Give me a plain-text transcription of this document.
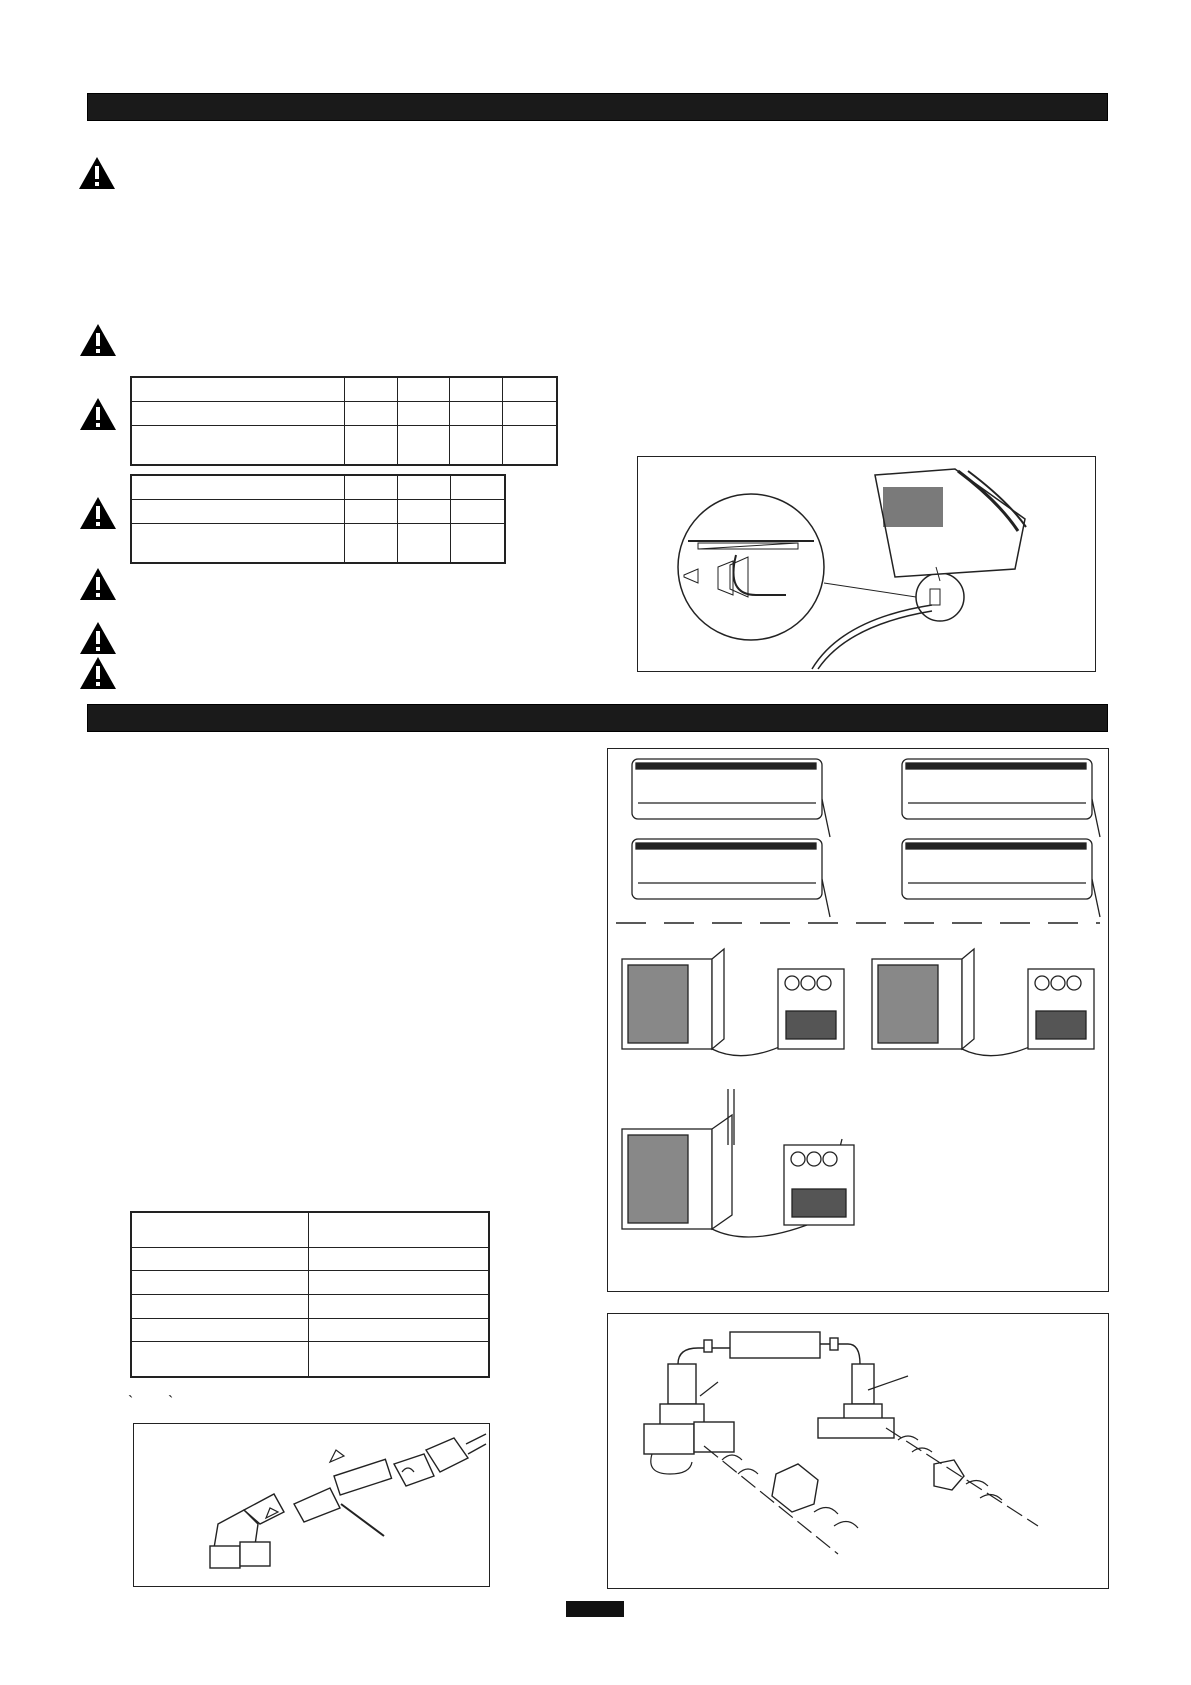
` `
